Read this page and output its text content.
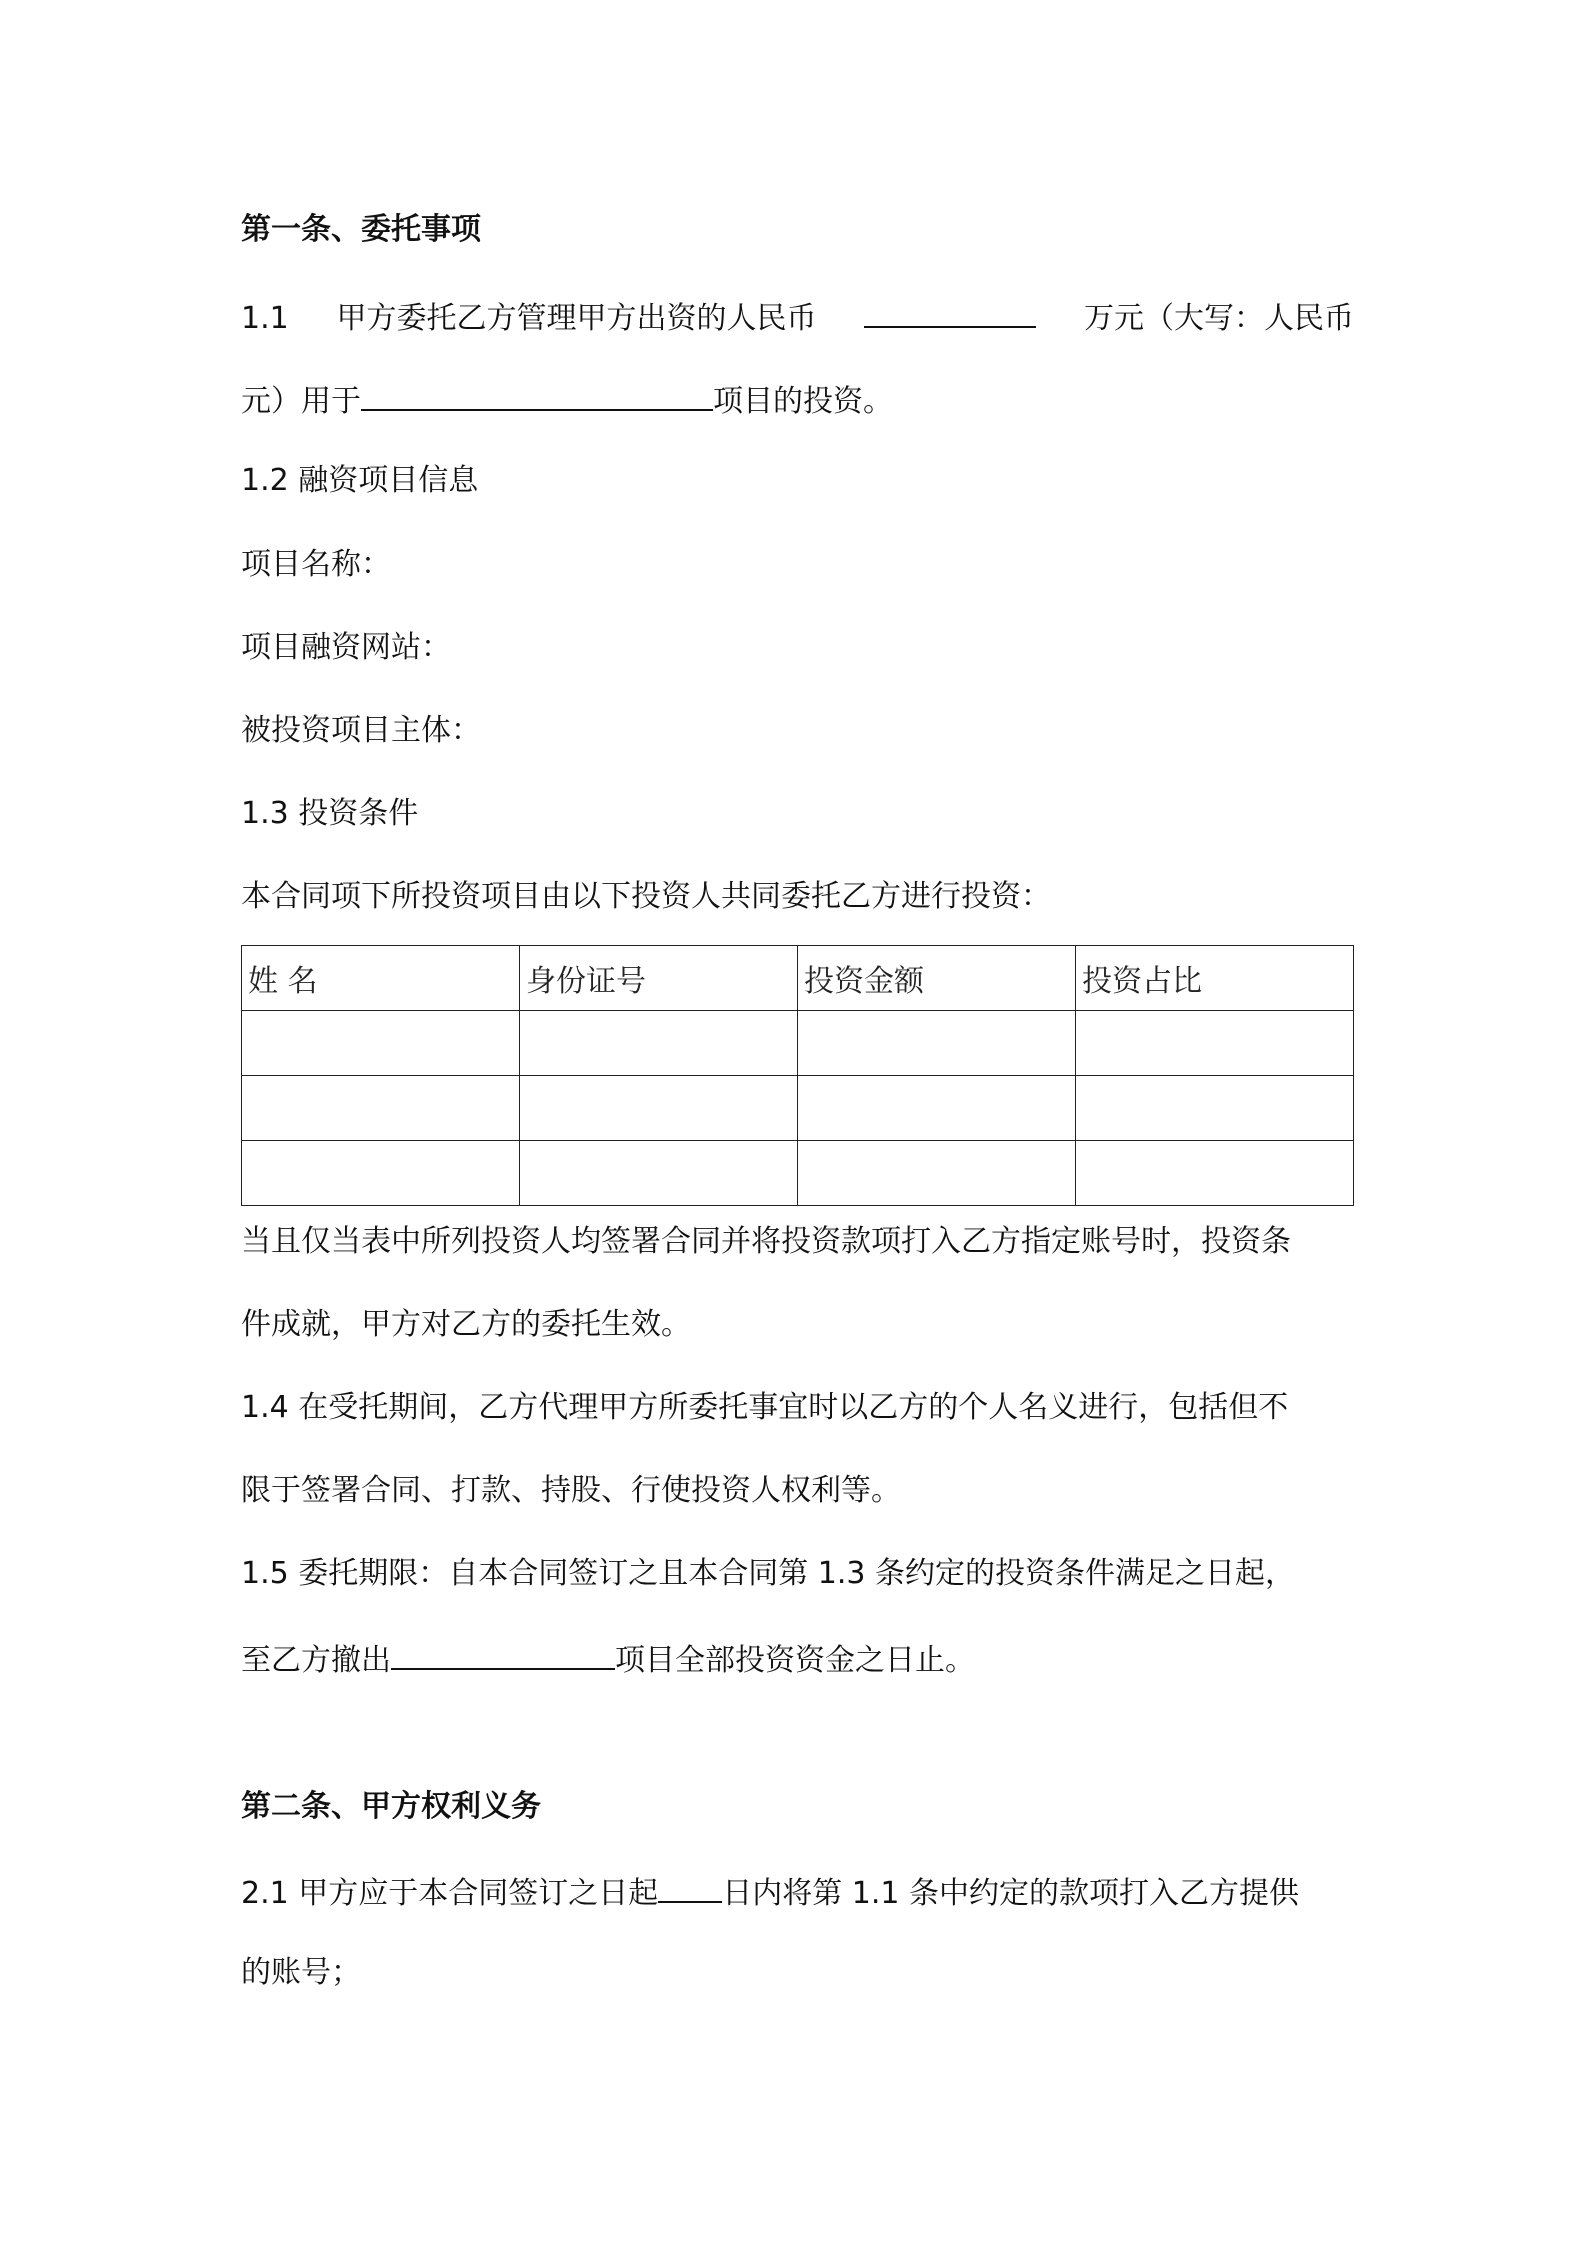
第一条、委托事项
1.1 甲方委托乙方管理甲方出资的人民币	万元（大写：人民币
元）用于	项目的投资。
1.2 融资项目信息
项目名称：
项目融资网站：
被投资项目主体：
1.3 投资条件
本合同项下所投资项目由以下投资人共同委托乙方进行投资：
姓 名	身份证号	投资金额	投资占比

当且仅当表中所列投资人均签署合同并将投资款项打入乙方指定账号时，投资条
件成就，甲方对乙方的委托生效。
1.4 在受托期间，乙方代理甲方所委托事宜时以乙方的个人名义进行，包括但不
限于签署合同、打款、持股、行使投资人权利等。
1.5 委托期限：自本合同签订之且本合同第 1.3 条约定的投资条件满足之日起，
至乙方撤出	项目全部投资资金之日止。
第二条、甲方权利义务
2.1 甲方应于本合同签订之日起 日内将第 1.1 条中约定的款项打入乙方提供
的账号；
